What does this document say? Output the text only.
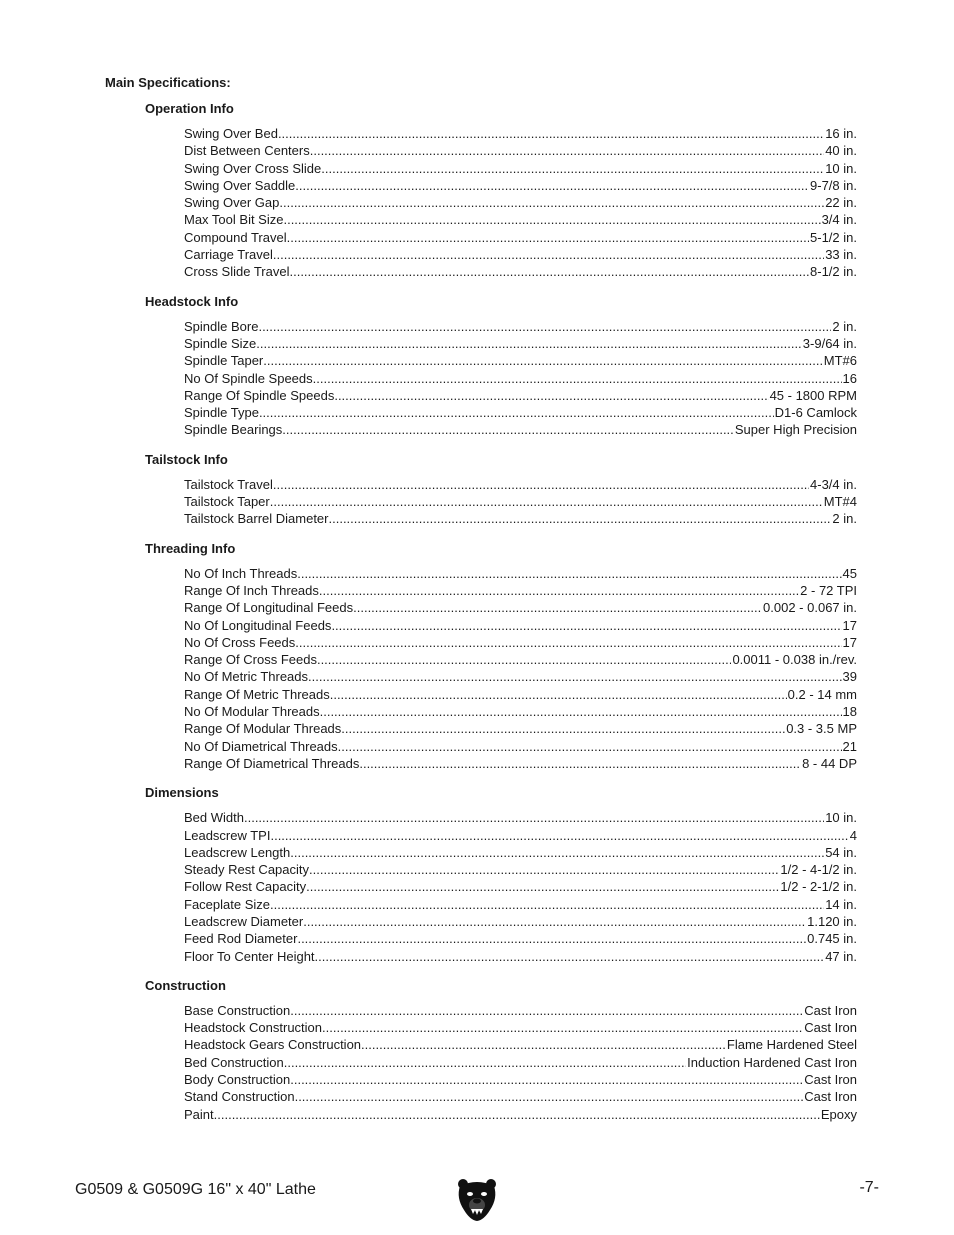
Main Specifications:
Operation Info
Swing Over Bed .....	16 in.
Dist Between Centers .....	40 in.
Swing Over Cross Slide .....	10 in.
Swing Over Saddle .....	9-7/8 in.
Swing Over Gap .....	22 in.
Max Tool Bit Size .....	3/4 in.
Compound Travel .....	5-1/2 in.
Carriage Travel .....	33 in.
Cross Slide Travel .....	8-1/2 in.
Headstock Info
Spindle Bore .....	2 in.
Spindle Size .....	3-9/64 in.
Spindle Taper .....	MT#6
No Of Spindle Speeds .....	16
Range Of Spindle Speeds .....	45 - 1800 RPM
Spindle Type .....	D1-6 Camlock
Spindle Bearings .....	Super High Precision
Tailstock Info
Tailstock Travel .....	4-3/4 in.
Tailstock Taper .....	MT#4
Tailstock Barrel Diameter .....	2 in.
Threading Info
No Of Inch Threads .....	45
Range Of Inch Threads .....	2 - 72 TPI
Range Of Longitudinal Feeds .....	0.002 - 0.067 in.
No Of Longitudinal Feeds .....	17
No Of Cross Feeds .....	17
Range Of Cross Feeds .....	0.0011 - 0.038 in./rev.
No Of Metric Threads .....	39
Range Of Metric Threads .....	0.2 - 14 mm
No Of Modular Threads .....	18
Range Of Modular Threads .....	0.3 - 3.5 MP
No Of Diametrical Threads .....	21
Range Of Diametrical Threads .....	8 - 44 DP
Dimensions
Bed Width .....	10 in.
Leadscrew TPI .....	4
Leadscrew Length .....	54 in.
Steady Rest Capacity .....	1/2 - 4-1/2 in.
Follow Rest Capacity .....	1/2 - 2-1/2 in.
Faceplate Size .....	14 in.
Leadscrew Diameter .....	1.120 in.
Feed Rod Diameter .....	0.745 in.
Floor To Center Height .....	47 in.
Construction
Base Construction .....	Cast Iron
Headstock Construction .....	Cast Iron
Headstock Gears Construction .....	Flame Hardened Steel
Bed Construction .....	Induction Hardened Cast Iron
Body Construction .....	Cast Iron
Stand Construction .....	Cast Iron
Paint .....	Epoxy
G0509 & G0509G 16" x 40" Lathe	-7-
